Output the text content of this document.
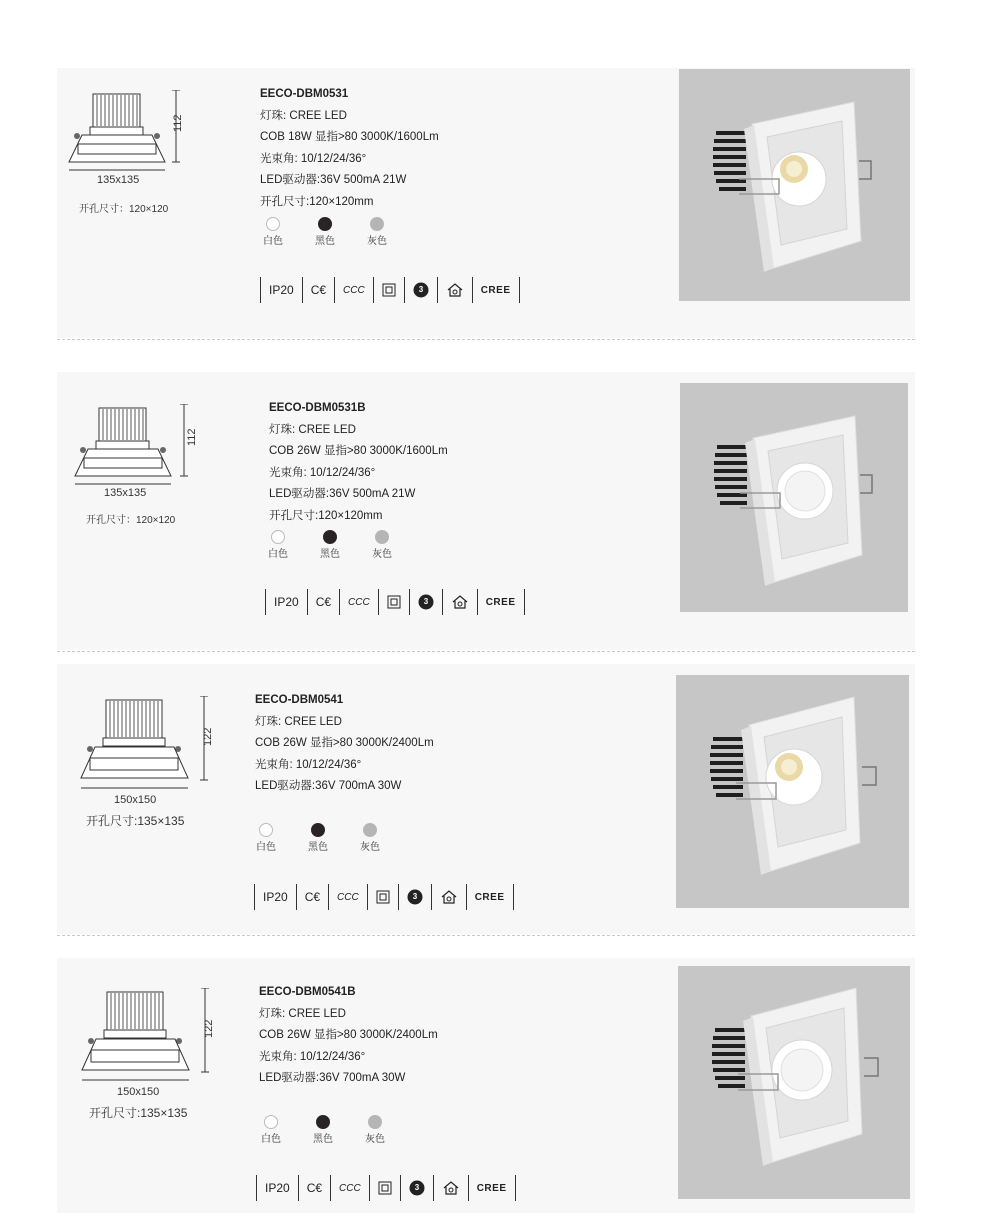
112
135x135
开孔尺寸：120×120
EECO-DBM0531
灯珠: CREE LED
COB 18W 显指>80 3000K/1600Lm
光束角: 10/12/24/36°
LED驱动器:36V 500mA 21W
开孔尺寸:120×120mm
白色	黑色	灰色
IP20	C€	CCC	3	CREE
112
135x135
开孔尺寸：120×120
EECO-DBM0531B
灯珠: CREE LED
COB 26W 显指>80 3000K/1600Lm
光束角: 10/12/24/36°
LED驱动器:36V 500mA 21W
开孔尺寸:120×120mm
白色	黑色	灰色
IP20	C€	CCC	3	CREE
122
150x150
开孔尺寸:135×135
EECO-DBM0541
灯珠: CREE LED
COB 26W 显指>80 3000K/2400Lm
光束角: 10/12/24/36°
LED驱动器:36V 700mA 30W
白色	黑色	灰色
IP20	C€	CCC	3	CREE
122
150x150
开孔尺寸:135×135
EECO-DBM0541B
灯珠: CREE LED
COB 26W 显指>80 3000K/2400Lm
光束角: 10/12/24/36°
LED驱动器:36V 700mA 30W
白色	黑色	灰色
IP20	C€	CCC	3	CREE
